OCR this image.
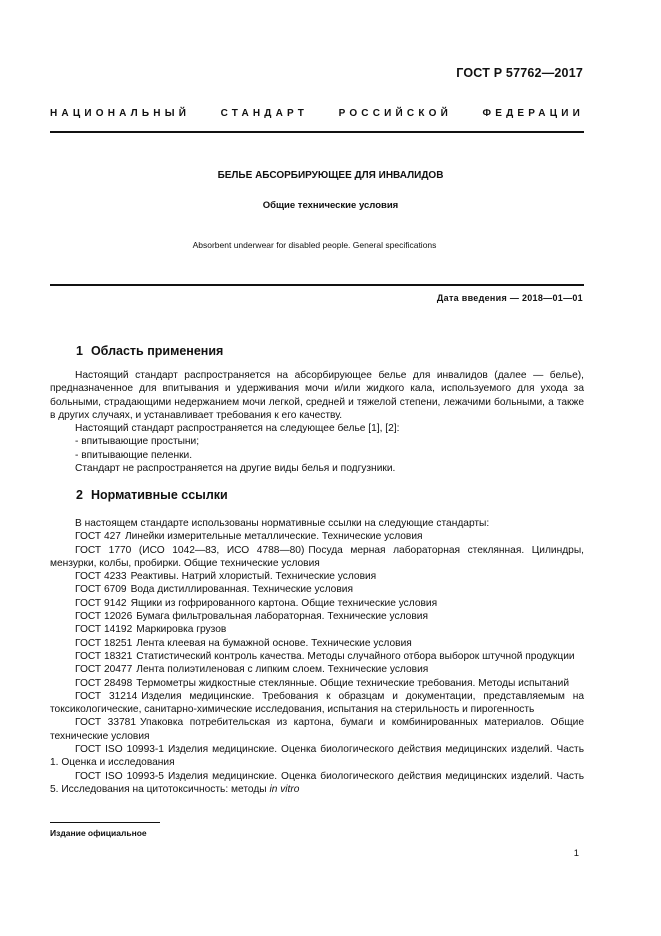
ГОСТ Р 57762—2017
НАЦИОНАЛЬНЫЙ СТАНДАРТ РОССИЙСКОЙ ФЕДЕРАЦИИ
БЕЛЬЕ АБСОРБИРУЮЩЕЕ ДЛЯ ИНВАЛИДОВ
Общие технические условия
Absorbent underwear for disabled people. General specifications
Дата введения — 2018—01—01
1 Область применения

Настоящий стандарт распространяется на абсорбирующее белье для инвалидов (далее — белье), предназначенное для впитывания и удерживания мочи и/или жидкого кала, используемого для ухода за больными, страдающими недержанием мочи легкой, средней и тяжелой степени, лежачими больными, а также в других случаях, и устанавливает требования к его качеству.

Настоящий стандарт распространяется на следующее белье [1], [2]:

- впитывающие простыни;

- впитывающие пеленки.

Стандарт не распространяется на другие виды белья и подгузники.

2 Нормативные ссылки

В настоящем стандарте использованы нормативные ссылки на следующие стандарты:

ГОСТ 427 Линейки измерительные металлические. Технические условия

ГОСТ 1770 (ИСО 1042—83, ИСО 4788—80) Посуда мерная лабораторная стеклянная. Цилиндры, мензурки, колбы, пробирки. Общие технические условия

ГОСТ 4233 Реактивы. Натрий хлористый. Технические условия

ГОСТ 6709 Вода дистиллированная. Технические условия

ГОСТ 9142 Ящики из гофрированного картона. Общие технические условия

ГОСТ 12026 Бумага фильтровальная лабораторная. Технические условия

ГОСТ 14192 Маркировка грузов

ГОСТ 18251 Лента клеевая на бумажной основе. Технические условия

ГОСТ 18321 Статистический контроль качества. Методы случайного отбора выборок штучной продукции

ГОСТ 20477 Лента полиэтиленовая с липким слоем. Технические условия

ГОСТ 28498 Термометры жидкостные стеклянные. Общие технические требования. Методы испытаний

ГОСТ 31214 Изделия медицинские. Требования к образцам и документации, представляемым на токсикологические, санитарно-химические исследования, испытания на стерильность и пирогенность

ГОСТ 33781 Упаковка потребительская из картона, бумаги и комбинированных материалов. Общие технические условия

ГОСТ ISO 10993-1 Изделия медицинские. Оценка биологического действия медицинских изделий. Часть 1. Оценка и исследования

ГОСТ ISO 10993-5 Изделия медицинские. Оценка биологического действия медицинских изделий. Часть 5. Исследования на цитотоксичность: методы in vitro

Издание официальное
1
